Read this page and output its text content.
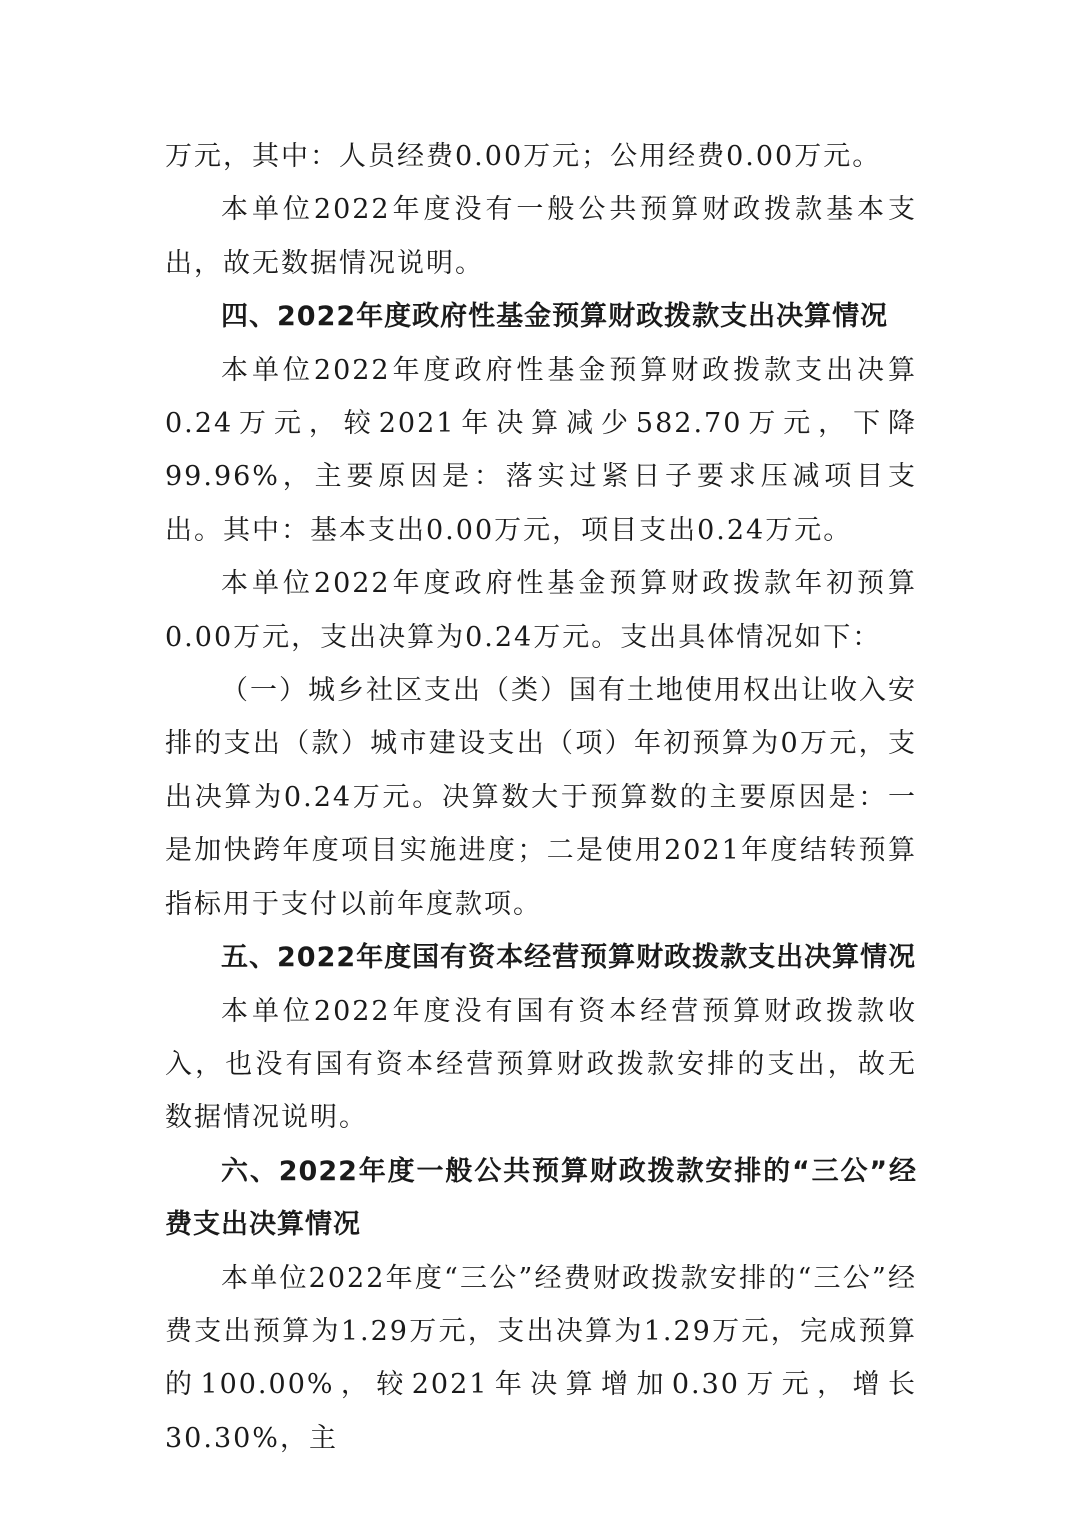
万元，其中：人员经费0.00万元；公用经费0.00万元。

本单位2022年度没有一般公共预算财政拨款基本支出，故无数据情况说明。

四、2022年度政府性基金预算财政拨款支出决算情况

本单位2022年度政府性基金预算财政拨款支出决算0.24万元，较2021年决算减少582.70万元，下降99.96%，主要原因是：落实过紧日子要求压减项目支出。其中：基本支出0.00万元，项目支出0.24万元。

本单位2022年度政府性基金预算财政拨款年初预算0.00万元，支出决算为0.24万元。支出具体情况如下：

（一）城乡社区支出（类）国有土地使用权出让收入安排的支出（款）城市建设支出（项）年初预算为0万元，支出决算为0.24万元。决算数大于预算数的主要原因是：一是加快跨年度项目实施进度；二是使用2021年度结转预算指标用于支付以前年度款项。

五、2022年度国有资本经营预算财政拨款支出决算情况

本单位2022年度没有国有资本经营预算财政拨款收入，也没有国有资本经营预算财政拨款安排的支出，故无数据情况说明。

六、2022年度一般公共预算财政拨款安排的“三公”经费支出决算情况

本单位2022年度“三公”经费财政拨款安排的“三公”经费支出预算为1.29万元，支出决算为1.29万元，完成预算的100.00%，较2021年决算增加0.30万元，增长30.30%，主
